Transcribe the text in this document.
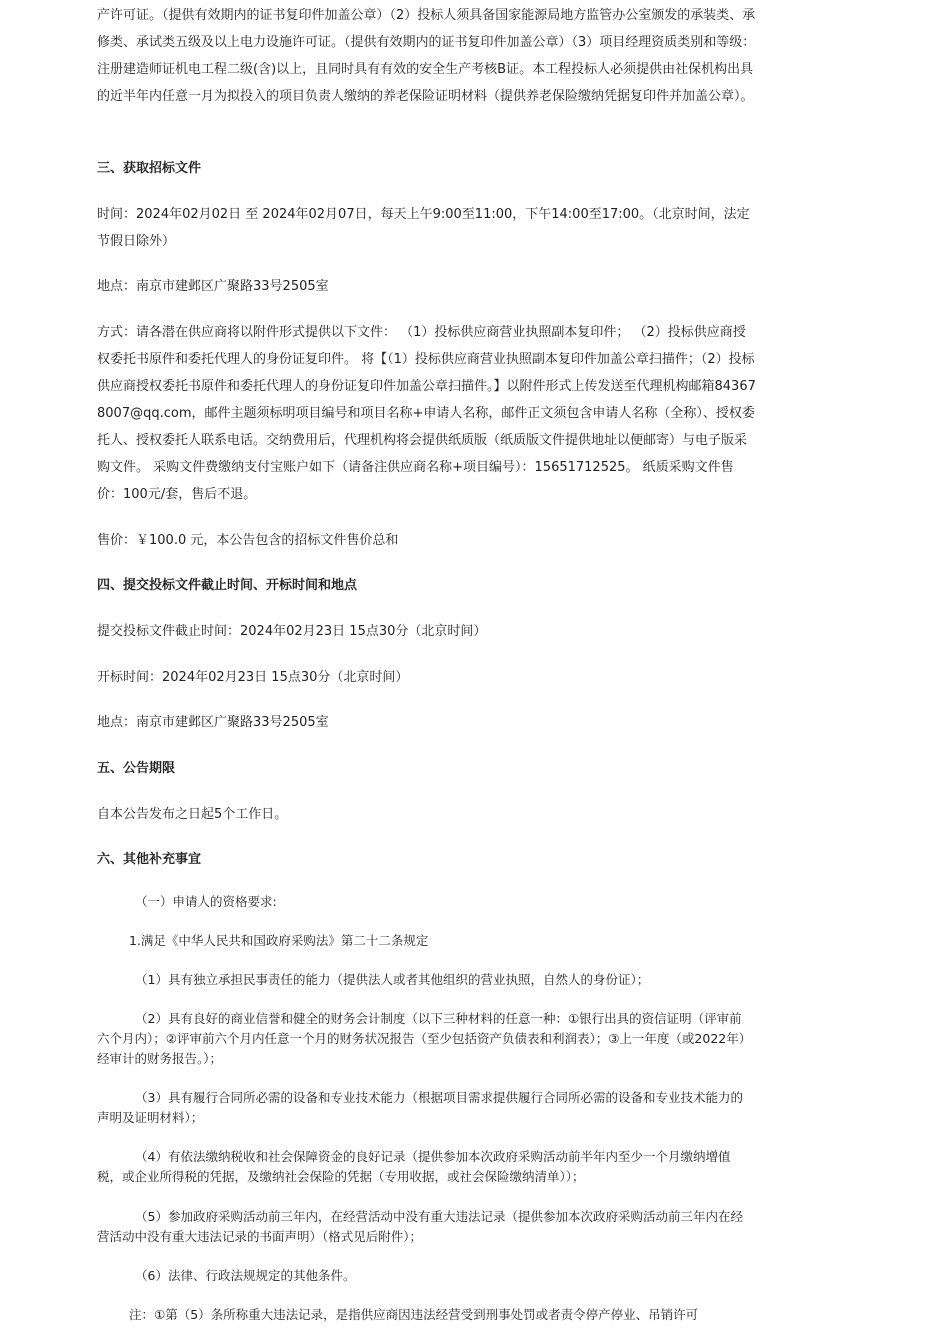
产许可证。（提供有效期内的证书复印件加盖公章）（2）投标人须具备国家能源局地方监管办公室颁发的承装类、承修类、承试类五级及以上电力设施许可证。（提供有效期内的证书复印件加盖公章）（3）项目经理资质类别和等级：注册建造师证机电工程二级(含)以上，且同时具有有效的安全生产考核B证。本工程投标人必须提供由社保机构出具的近半年内任意一月为拟投入的项目负责人缴纳的养老保险证明材料（提供养老保险缴纳凭据复印件并加盖公章）。

三、获取招标文件

时间：2024年02月02日 至 2024年02月07日，每天上午9:00至11:00，下午14:00至17:00。（北京时间，法定节假日除外）

地点：南京市建邺区广聚路33号2505室

方式：请各潜在供应商将以附件形式提供以下文件： （1）投标供应商营业执照副本复印件； （2）投标供应商授权委托书原件和委托代理人的身份证复印件。 将【（1）投标供应商营业执照副本复印件加盖公章扫描件；（2）投标供应商授权委托书原件和委托代理人的身份证复印件加盖公章扫描件。】以附件形式上传发送至代理机构邮箱843678007@qq.com，邮件主题须标明项目编号和项目名称+申请人名称，邮件正文须包含申请人名称（全称）、授权委托人、授权委托人联系电话。交纳费用后，代理机构将会提供纸质版（纸质版文件提供地址以便邮寄）与电子版采购文件。 采购文件费缴纳支付宝账户如下（请备注供应商名称+项目编号）：15651712525。 纸质采购文件售价：100元/套，售后不退。

售价：￥100.0 元，本公告包含的招标文件售价总和

四、提交投标文件截止时间、开标时间和地点

提交投标文件截止时间：2024年02月23日 15点30分（北京时间）

开标时间：2024年02月23日 15点30分（北京时间）

地点：南京市建邺区广聚路33号2505室

五、公告期限

自本公告发布之日起5个工作日。

六、其他补充事宜

（一）申请人的资格要求:

1.满足《中华人民共和国政府采购法》第二十二条规定

（1）具有独立承担民事责任的能力（提供法人或者其他组织的营业执照，自然人的身份证）；

（2）具有良好的商业信誉和健全的财务会计制度（以下三种材料的任意一种：①银行出具的资信证明（评审前六个月内）；②评审前六个月内任意一个月的财务状况报告（至少包括资产负债表和利润表）；③上一年度（或2022年）经审计的财务报告。）；

（3）具有履行合同所必需的设备和专业技术能力（根据项目需求提供履行合同所必需的设备和专业技术能力的声明及证明材料）；

（4）有依法缴纳税收和社会保障资金的良好记录（提供参加本次政府采购活动前半年内至少一个月缴纳增值税，或企业所得税的凭据，及缴纳社会保险的凭据（专用收据，或社会保险缴纳清单））；

（5）参加政府采购活动前三年内，在经营活动中没有重大违法记录（提供参加本次政府采购活动前三年内在经营活动中没有重大违法记录的书面声明）（格式见后附件）；

（6）法律、行政法规规定的其他条件。

注：①第（5）条所称重大违法记录，是指供应商因违法经营受到刑事处罚或者责令停产停业、吊销许可
